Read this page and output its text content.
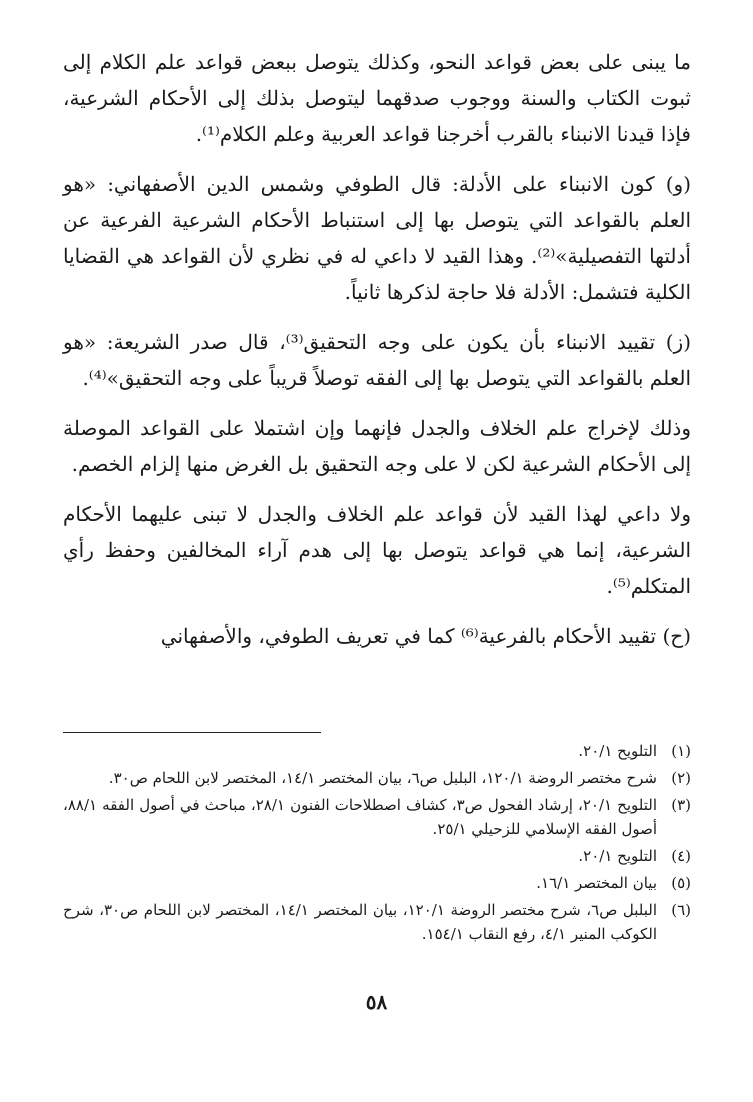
ما يبنى على بعض قواعد النحو، وكذلك يتوصل ببعض قواعد علم الكلام إلى ثبوت الكتاب والسنة ووجوب صدقهما ليتوصل بذلك إلى الأحكام الشرعية، فإذا قيدنا الانبناء بالقرب أخرجنا قواعد العربية وعلم الكلام⁽¹⁾.

(و) كون الانبناء على الأدلة: قال الطوفي وشمس الدين الأصفهاني: «هو العلم بالقواعد التي يتوصل بها إلى استنباط الأحكام الشرعية الفرعية عن أدلتها التفصيلية»⁽²⁾. وهذا القيد لا داعي له في نظري لأن القواعد هي القضايا الكلية فتشمل: الأدلة فلا حاجة لذكرها ثانياً.

(ز) تقييد الانبناء بأن يكون على وجه التحقيق⁽³⁾، قال صدر الشريعة: «هو العلم بالقواعد التي يتوصل بها إلى الفقه توصلاً قريباً على وجه التحقيق»⁽⁴⁾.

وذلك لإخراج علم الخلاف والجدل فإنهما وإن اشتملا على القواعد الموصلة إلى الأحكام الشرعية لكن لا على وجه التحقيق بل الغرض منها إلزام الخصم.

ولا داعي لهذا القيد لأن قواعد علم الخلاف والجدل لا تبنى عليهما الأحكام الشرعية، إنما هي قواعد يتوصل بها إلى هدم آراء المخالفين وحفظ رأي المتكلم⁽⁵⁾.

(ح) تقييد الأحكام بالفرعية⁽⁶⁾ كما في تعريف الطوفي، والأصفهاني

(١)
التلويح ٢٠/١.
(٢)
شرح مختصر الروضة ١٢٠/١، البلبل ص٦، بيان المختصر ١٤/١، المختصر لابن اللحام ص٣٠.
(٣)
التلويح ٢٠/١، إرشاد الفحول ص٣، كشاف اصطلاحات الفنون ٢٨/١، مباحث في أصول الفقه ٨٨/١، أصول الفقه الإسلامي للزحيلي ٢٥/١.
(٤)
التلويح ٢٠/١.
(٥)
بيان المختصر ١٦/١.
(٦)
البلبل ص٦، شرح مختصر الروضة ١٢٠/١، بيان المختصر ١٤/١، المختصر لابن اللحام ص٣٠، شرح الكوكب المنير ٤/١، رفع النقاب ١٥٤/١.
٥٨
